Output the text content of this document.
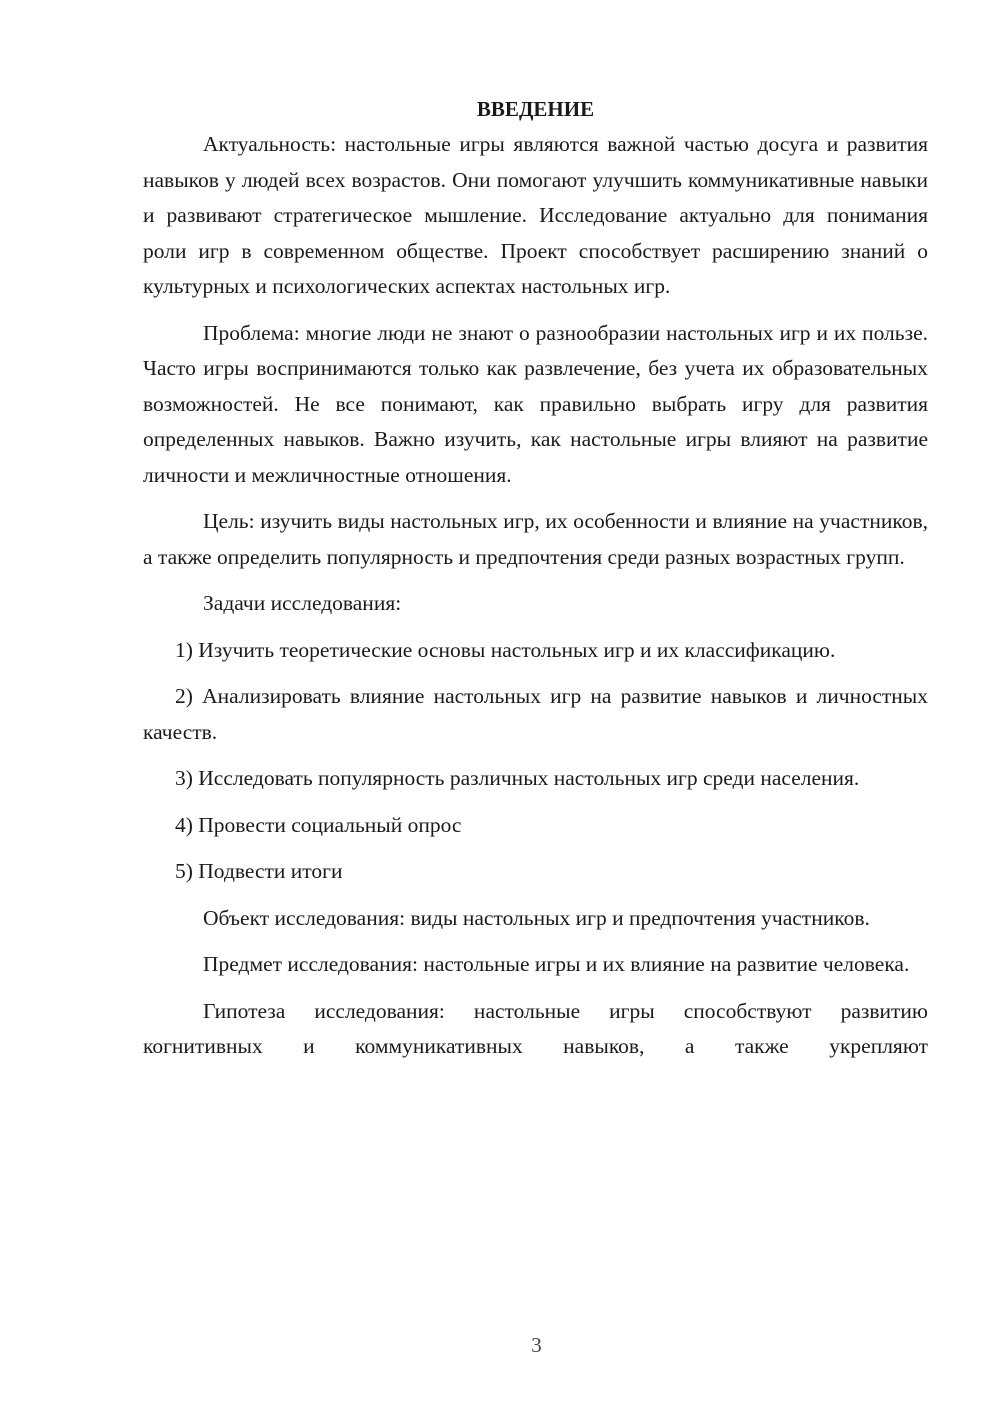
ВВЕДЕНИЕ

Актуальность: настольные игры являются важной частью досуга и развития навыков у людей всех возрастов. Они помогают улучшить коммуникативные навыки и развивают стратегическое мышление. Исследование актуально для понимания роли игр в современном обществе. Проект способствует расширению знаний о культурных и психологических аспектах настольных игр.

Проблема: многие люди не знают о разнообразии настольных игр и их пользе. Часто игры воспринимаются только как развлечение, без учета их образовательных возможностей. Не все понимают, как правильно выбрать игру для развития определенных навыков. Важно изучить, как настольные игры влияют на развитие личности и межличностные отношения.

Цель: изучить виды настольных игр, их особенности и влияние на участников, а также определить популярность и предпочтения среди разных возрастных групп.

Задачи исследования:

1) Изучить теоретические основы настольных игр и их классификацию.

2) Анализировать влияние настольных игр на развитие навыков и личностных качеств.

3) Исследовать популярность различных настольных игр среди населения.

4) Провести социальный опрос

5) Подвести итоги

Объект исследования: виды настольных игр и предпочтения участников.

Предмет исследования: настольные игры и их влияние на развитие человека.

Гипотеза исследования: настольные игры способствуют развитию когнитивных и коммуникативных навыков, а также укрепляют

3
